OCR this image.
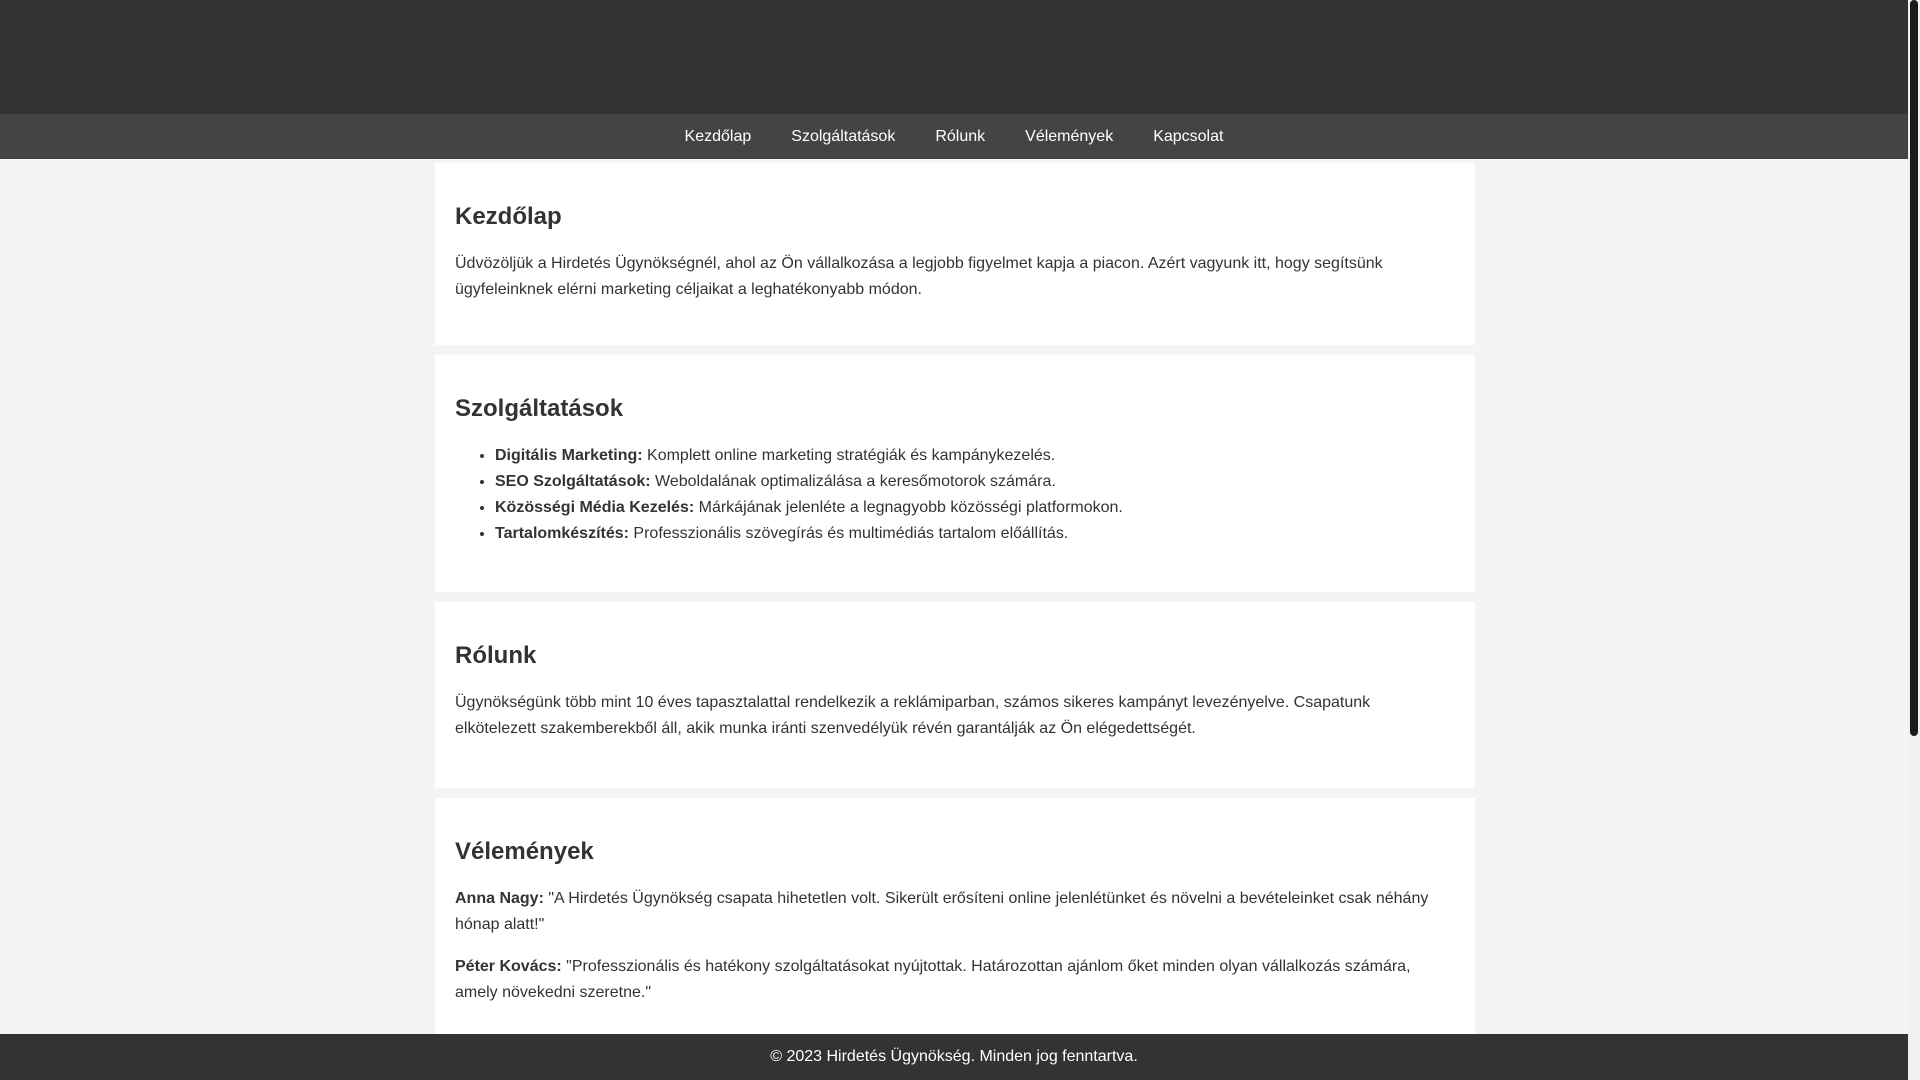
Kezdőlap	Szolgáltatások	Rólunk	Vélemények	Kapcsolat
Kezdőlap

Üdvözöljük a Hirdetés Ügynökségnél, ahol az Ön vállalkozása a legjobb figyelmet kapja a piacon. Azért vagyunk itt, hogy segítsünk ügyfeleinknek elérni marketing céljaikat a leghatékonyabb módon.

Szolgáltatások
• Digitális Marketing: Komplett online marketing stratégiák és kampánykezelés.
• SEO Szolgáltatások: Weboldalának optimalizálása a keresőmotorok számára.
• Közösségi Média Kezelés: Márkájának jelenléte a legnagyobb közösségi platformokon.
• Tartalomkészítés: Professzionális szövegírás és multimédiás tartalom előállítás.
Rólunk

Ügynökségünk több mint 10 éves tapasztalattal rendelkezik a reklámiparban, számos sikeres kampányt levezényelve. Csapatunk elkötelezett szakemberekből áll, akik munka iránti szenvedélyük révén garantálják az Ön elégedettségét.

Vélemények

Anna Nagy: "A Hirdetés Ügynökség csapata hihetetlen volt. Sikerült erősíteni online jelenlétünket és növelni a bevételeinket csak néhány hónap alatt!"

Péter Kovács: "Professzionális és hatékony szolgáltatásokat nyújtottak. Határozottan ajánlom őket minden olyan vállalkozás számára, amely növekedni szeretne."

© 2023 Hirdetés Ügynökség. Minden jog fenntartva.
